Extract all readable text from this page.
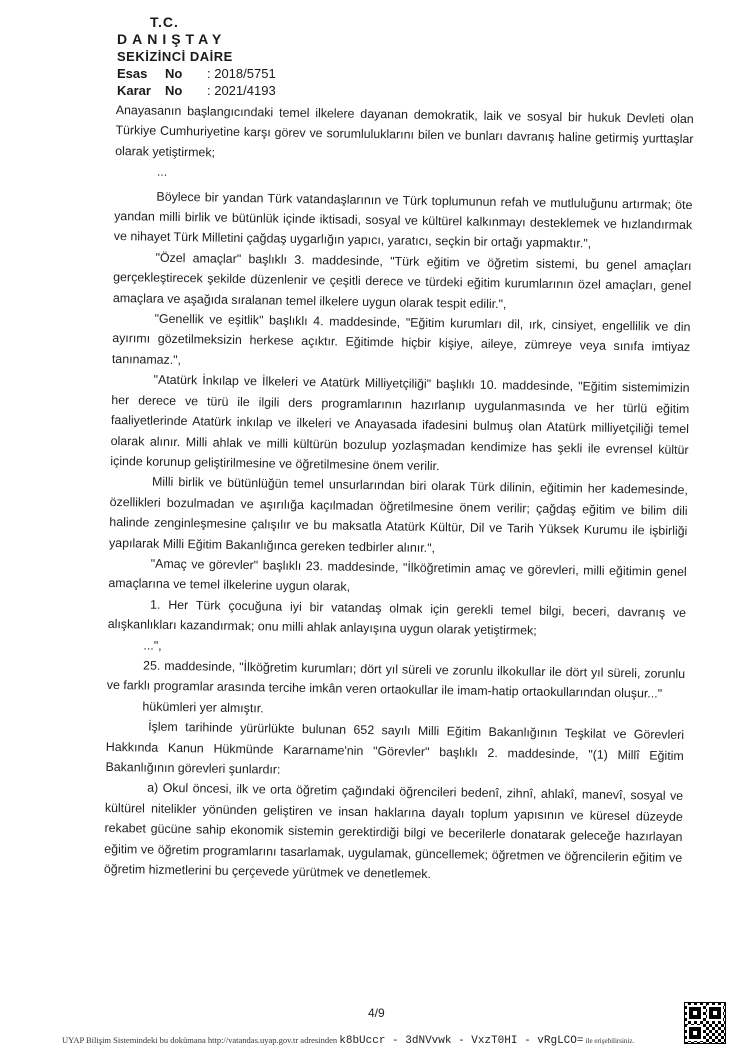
T.C.
DANIŞTAY
SEKİZİNCİ DAİRE
Esas No : 2018/5751
Karar No : 2021/4193

Anayasanın başlangıcındaki temel ilkelere dayanan demokratik, laik ve sosyal bir hukuk Devleti olan Türkiye Cumhuriyetine karşı görev ve sorumluluklarını bilen ve bunları davranış haline getirmiş yurttaşlar olarak yetiştirmek;

...

Böylece bir yandan Türk vatandaşlarının ve Türk toplumunun refah ve mutluluğunu artırmak; öte yandan milli birlik ve bütünlük içinde iktisadi, sosyal ve kültürel kalkınmayı desteklemek ve hızlandırmak ve nihayet Türk Milletini çağdaş uygarlığın yapıcı, yaratıcı, seçkin bir ortağı yapmaktır.",

"Özel amaçlar" başlıklı 3. maddesinde, "Türk eğitim ve öğretim sistemi, bu genel amaçları gerçekleştirecek şekilde düzenlenir ve çeşitli derece ve türdeki eğitim kurumlarının özel amaçları, genel amaçlara ve aşağıda sıralanan temel ilkelere uygun olarak tespit edilir.",

"Genellik ve eşitlik" başlıklı 4. maddesinde, "Eğitim kurumları dil, ırk, cinsiyet, engellilik ve din ayırımı gözetilmeksizin herkese açıktır. Eğitimde hiçbir kişiye, aileye, zümreye veya sınıfa imtiyaz tanınamaz.",

"Atatürk İnkılap ve İlkeleri ve Atatürk Milliyetçiliği" başlıklı 10. maddesinde, "Eğitim sistemimizin her derece ve türü ile ilgili ders programlarının hazırlanıp uygulanmasında ve her türlü eğitim faaliyetlerinde Atatürk inkılap ve ilkeleri ve Anayasada ifadesini bulmuş olan Atatürk milliyetçiliği temel olarak alınır. Milli ahlak ve milli kültürün bozulup yozlaşmadan kendimize has şekli ile evrensel kültür içinde korunup geliştirilmesine ve öğretilmesine önem verilir.

Milli birlik ve bütünlüğün temel unsurlarından biri olarak Türk dilinin, eğitimin her kademesinde, özellikleri bozulmadan ve aşırılığa kaçılmadan öğretilmesine önem verilir; çağdaş eğitim ve bilim dili halinde zenginleşmesine çalışılır ve bu maksatla Atatürk Kültür, Dil ve Tarih Yüksek Kurumu ile işbirliği yapılarak Milli Eğitim Bakanlığınca gereken tedbirler alınır.",

"Amaç ve görevler" başlıklı 23. maddesinde, "İlköğretimin amaç ve görevleri, milli eğitimin genel amaçlarına ve temel ilkelerine uygun olarak,

1. Her Türk çocuğuna iyi bir vatandaş olmak için gerekli temel bilgi, beceri, davranış ve alışkanlıkları kazandırmak; onu milli ahlak anlayışına uygun olarak yetiştirmek;

...",

25. maddesinde, "İlköğretim kurumları; dört yıl süreli ve zorunlu ilkokullar ile dört yıl süreli, zorunlu ve farklı programlar arasında tercihe imkân veren ortaokullar ile imam-hatip ortaokullarından oluşur..."

hükümleri yer almıştır.

İşlem tarihinde yürürlükte bulunan 652 sayılı Milli Eğitim Bakanlığının Teşkilat ve Görevleri Hakkında Kanun Hükmünde Kararname'nin "Görevler" başlıklı 2. maddesinde, "(1) Millî Eğitim Bakanlığının görevleri şunlardır:

a) Okul öncesi, ilk ve orta öğretim çağındaki öğrencileri bedenî, zihnî, ahlakî, manevî, sosyal ve kültürel nitelikler yönünden geliştiren ve insan haklarına dayalı toplum yapısının ve küresel düzeyde rekabet gücüne sahip ekonomik sistemin gerektirdiği bilgi ve becerilerle donatarak geleceğe hazırlayan eğitim ve öğretim programlarını tasarlamak, uygulamak, güncellemek; öğretmen ve öğrencilerin eğitim ve öğretim hizmetlerini bu çerçevede yürütmek ve denetlemek.

4/9
UYAP Bilişim Sistemindeki bu dokümana http://vatandas.uyap.gov.tr adresinden k8bUccr - 3dNVvwk - VxzT0HI - vRgLCO= ile erişebilirsiniz.
